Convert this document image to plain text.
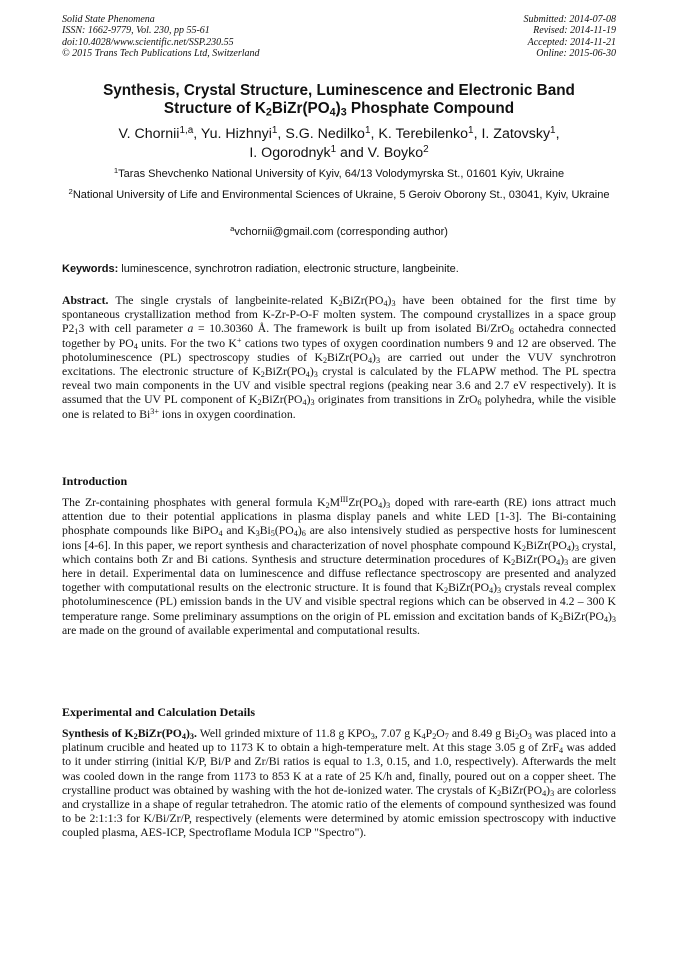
Solid State Phenomena
ISSN: 1662-9779, Vol. 230, pp 55-61
doi:10.4028/www.scientific.net/SSP.230.55
© 2015 Trans Tech Publications Ltd, Switzerland
Submitted: 2014-07-08
Revised: 2014-11-19
Accepted: 2014-11-21
Online: 2015-06-30
Synthesis, Crystal Structure, Luminescence and Electronic Band
Structure of $K_2BiZr(PO_4)_3$ Phosphate Compound
V. Chornii$^{1,a}$, Yu. Hizhnyi$^1$, S.G. Nedilko$^1$, K. Terebilenko$^1$, I. Zatovsky$^1$,
I. Ogorodnyk$^1$ and V. Boyko$^2$
$^1$Taras Shevchenko National University of Kyiv, 64/13 Volodymyrska St., 01601 Kyiv, Ukraine
$^2$National University of Life and Environmental Sciences of Ukraine, 5 Geroiv Oborony St., 03041, Kyiv, Ukraine
$^a$vchornii@gmail.com (corresponding author)
Keywords: luminescence, synchrotron radiation, electronic structure, langbeinite.
Abstract. The single crystals of langbeinite-related $K_2BiZr(PO_4)_3$ have been obtained for the first time by spontaneous crystallization method from K-Zr-P-O-F molten system. The compound crystallizes in a space group $P2_13$ with cell parameter a = 10.30360 Å. The framework is built up from isolated Bi/ZrO$_6$ octahedra connected together by $PO_4$ units. For the two K+ cations two types of oxygen coordination numbers 9 and 12 are observed. The photoluminescence (PL) spectroscopy studies of $K_2BiZr(PO_4)_3$ are carried out under the VUV synchrotron excitations. The electronic structure of $K_2BiZr(PO_4)_3$ crystal is calculated by the FLAPW method. The PL spectra reveal two main components in the UV and visible spectral regions (peaking near 3.6 and 2.7 eV respectively). It is assumed that the UV PL component of $K_2BiZr(PO_4)_3$ originates from transitions in ZrO$_6$ polyhedra, while the visible one is related to $Bi^{3+}$ ions in oxygen coordination.
Introduction
The Zr-containing phosphates with general formula $K_2M^{III}Zr(PO_4)_3$ doped with rare-earth (RE) ions attract much attention due to their potential applications in plasma display panels and white LED [1-3]. The Bi-containing phosphate compounds like BiPO$_4$ and $K_3Bi_5(PO_4)_6$ are also intensively studied as perspective hosts for luminescent ions [4-6]. In this paper, we report synthesis and characterization of novel phosphate compound $K_2BiZr(PO_4)_3$ crystal, which contains both Zr and Bi cations. Synthesis and structure determination procedures of $K_2BiZr(PO_4)_3$ are given here in detail. Experimental data on luminescence and diffuse reflectance spectroscopy are presented and analyzed together with computational results on the electronic structure. It is found that $K_2BiZr(PO_4)_3$ crystals reveal complex photoluminescence (PL) emission bands in the UV and visible spectral regions which can be observed in 4.2 – 300 K temperature range. Some preliminary assumptions on the origin of PL emission and excitation bands of $K_2BiZr(PO_4)_3$ are made on the ground of available experimental and computational results.
Experimental and Calculation Details
Synthesis of $K_2BiZr(PO_4)_3$. Well grinded mixture of 11.8 g $KPO_3$, 7.07 g $K_4P_2O_7$ and 8.49 g $Bi_2O_3$ was placed into a platinum crucible and heated up to 1173 K to obtain a high-temperature melt. At this stage 3.05 g of ZrF$_4$ was added to it under stirring (initial K/P, Bi/P and Zr/Bi ratios is equal to 1.3, 0.15, and 1.0, respectively). Afterwards the melt was cooled down in the range from 1173 to 853 K at a rate of 25 K/h and, finally, poured out on a copper sheet. The crystalline product was obtained by washing with the hot de-ionized water. The crystals of $K_2BiZr(PO_4)_3$ are colorless and crystallize in a shape of regular tetrahedron. The atomic ratio of the elements of compound synthesized was found to be 2:1:1:3 for K/Bi/Zr/P, respectively (elements were determined by atomic emission spectroscopy with inductive coupled plasma, AES-ICP, Spectroflame Modula ICP "Spectro").
